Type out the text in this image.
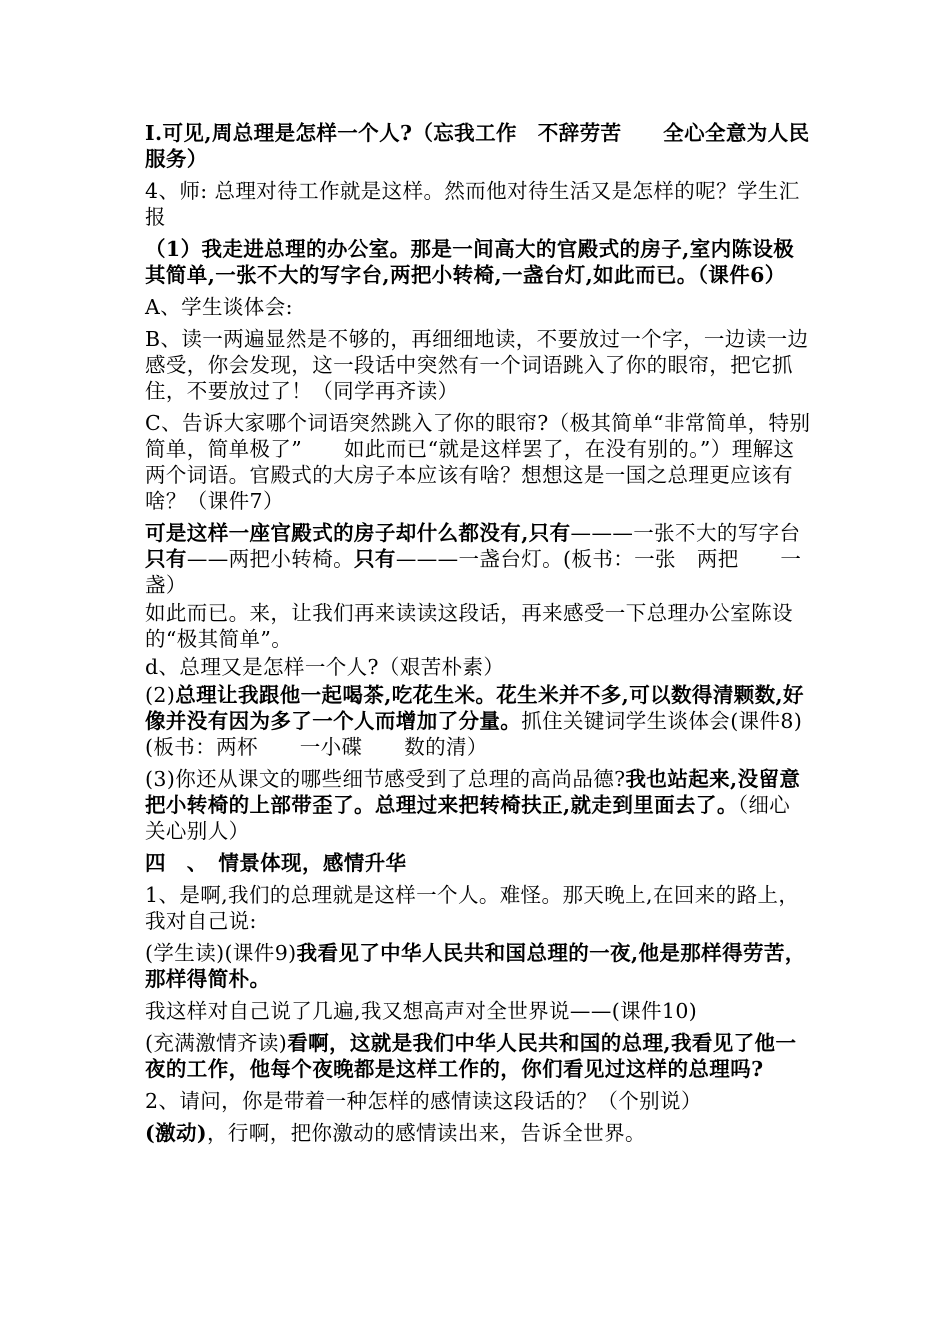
I.可见,周总理是怎样一个人?（忘我工作　不辞劳苦　　全心全意为人民服务）

4、师: 总理对待工作就是这样。然而他对待生活又是怎样的呢？学生汇报

（1）我走进总理的办公室。那是一间高大的官殿式的房子,室内陈设极其简单,一张不大的写字台,两把小转椅,一盏台灯,如此而已。（课件6）

A、学生谈体会:

B、读一两遍显然是不够的，再细细地读，不要放过一个字，一边读一边感受，你会发现，这一段话中突然有一个词语跳入了你的眼帘，把它抓住，不要放过了！（同学再齐读）

C、告诉大家哪个词语突然跳入了你的眼帘?（极其简单“非常简单，特别简单，简单极了”　　如此而已“就是这样罢了，在没有别的。”）理解这两个词语。官殿式的大房子本应该有啥？想想这是一国之总理更应该有啥？（课件7）

可是这样一座官殿式的房子却什么都没有,只有———一张不大的写字台　只有——两把小转椅。只有———一盏台灯。(板书：一张　两把　　一盏）

如此而已。来，让我们再来读读这段话，再来感受一下总理办公室陈设的“极其简单”。

d、总理又是怎样一个人?（艰苦朴素）

(2)总理让我跟他一起喝茶,吃花生米。花生米并不多,可以数得清颗数,好像并没有因为多了一个人而增加了分量。抓住关键词学生谈体会(课件8)(板书：两杯　　一小碟　　数的清）

(3)你还从课文的哪些细节感受到了总理的高尚品德?我也站起来,没留意把小转椅的上部带歪了。总理过来把转椅扶正,就走到里面去了。（细心　关心别人）

四　、　情景体现，感情升华

1、是啊,我们的总理就是这样一个人。难怪。那天晚上,在回来的路上，我对自己说:

(学生读)(课件9)我看见了中华人民共和国总理的一夜,他是那样得劳苦，那样得简朴。

我这样对自己说了几遍,我又想高声对全世界说——(课件10)

(充满激情齐读)看啊，这就是我们中华人民共和国的总理,我看见了他一夜的工作，他每个夜晚都是这样工作的，你们看见过这样的总理吗?

2、请问，你是带着一种怎样的感情读这段话的？（个别说）

(激动)，行啊，把你激动的感情读出来，告诉全世界。
